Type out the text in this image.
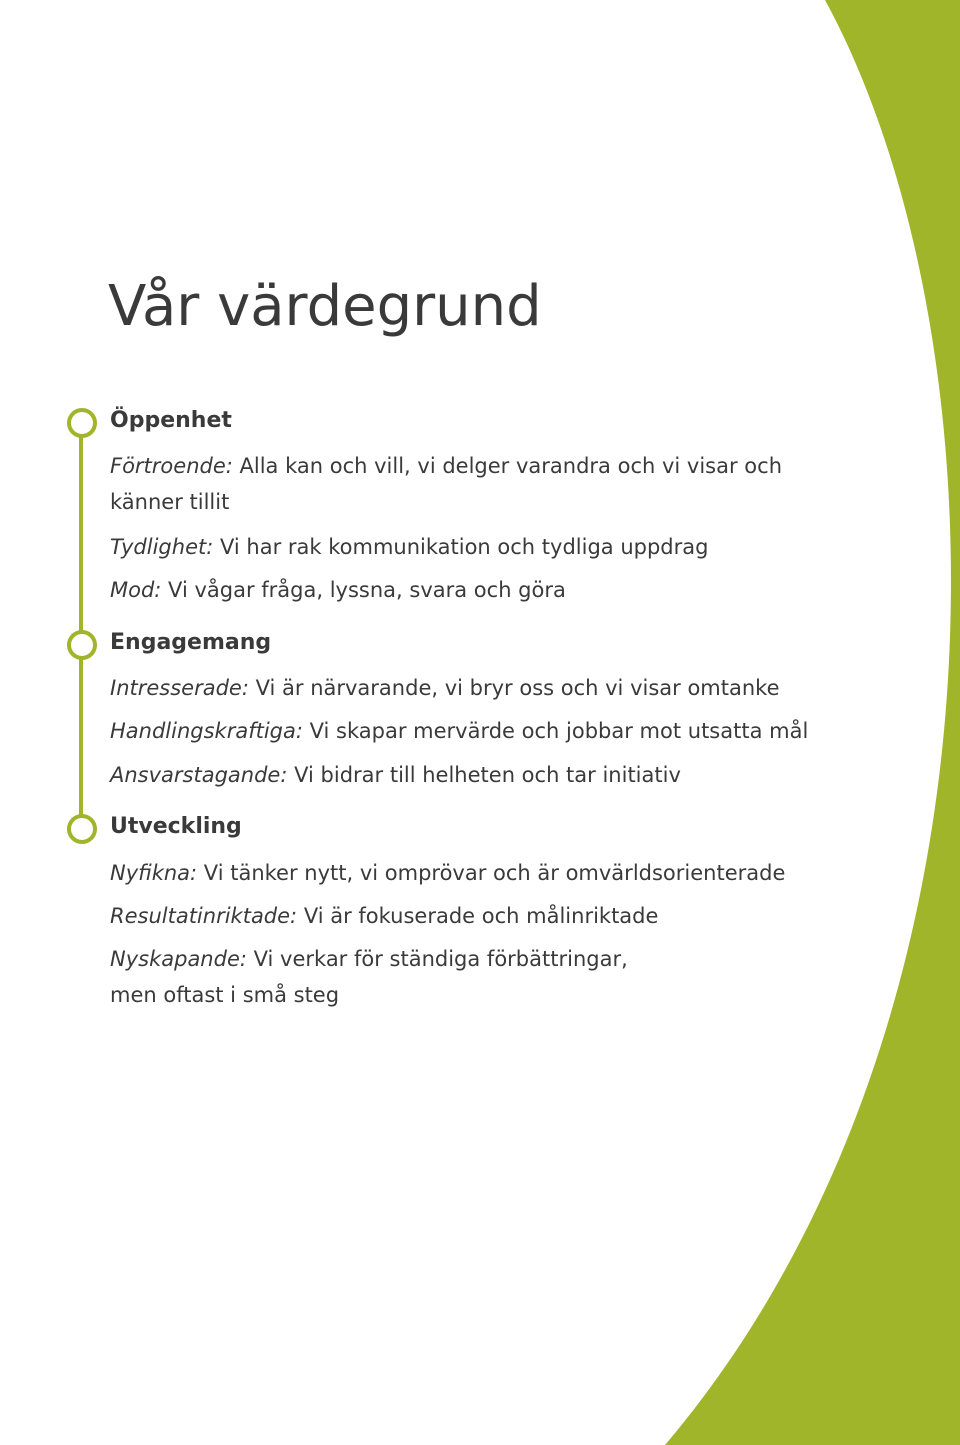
Vår värdegrund
Öppenhet

Förtroende: Alla kan och vill, vi delger varandra och vi visar och

känner tillit

Tydlighet: Vi har rak kommunikation och tydliga uppdrag

Mod: Vi vågar fråga, lyssna, svara och göra

Engagemang

Intresserade: Vi är närvarande, vi bryr oss och vi visar omtanke

Handlingskraftiga: Vi skapar mervärde och jobbar mot utsatta mål

Ansvarstagande: Vi bidrar till helheten och tar initiativ

Utveckling

Nyfikna: Vi tänker nytt, vi omprövar och är omvärldsorienterade

Resultatinriktade: Vi är fokuserade och målinriktade

Nyskapande: Vi verkar för ständiga förbättringar,

men oftast i små steg
